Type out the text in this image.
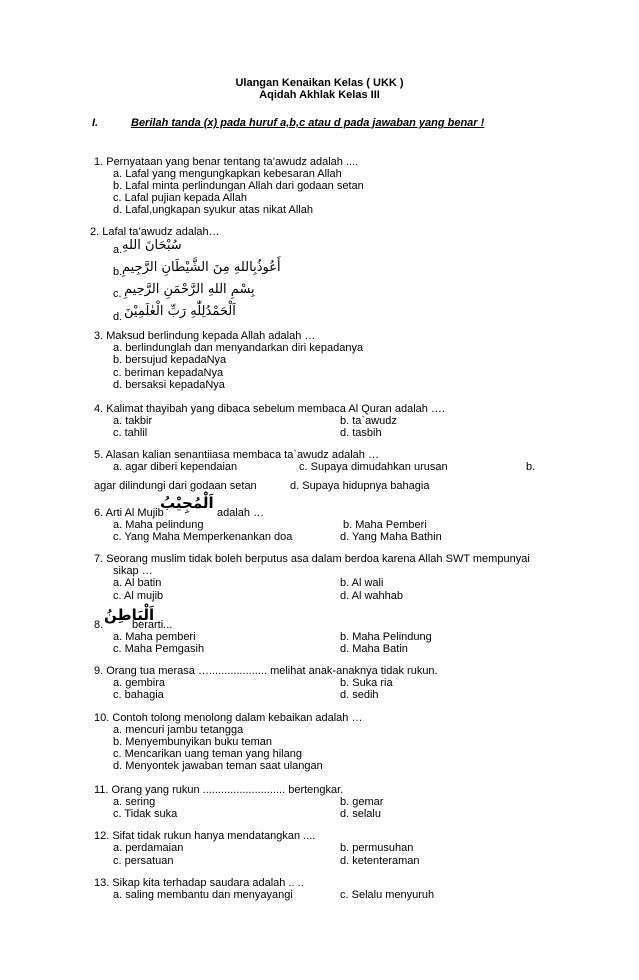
Ulangan Kenaikan Kelas ( UKK )
Aqidah Akhlak Kelas III
I.	Berilah tanda (x) pada huruf a,b,c atau d pada jawaban yang benar !
1. Pernyataan yang benar tentang ta’awudz adalah ....
a. Lafal yang mengungkapkan kebesaran Allah
b. Lafal minta perlindungan Allah dari godaan setan
c. Lafal pujian kepada Allah
d. Lafal,ungkapan syukur atas nikat Allah
2. Lafal ta’awudz adalah…
a. سُبْحَانَ اللهِ
b. أَعُوذُبِاللهِ مِنَ الشَّيْطَانِ الرَّجِيمِ
c. بِسْمِ اللهِ الرَّحْمَنِ الرَّحِيمِ
d. اَلْحَمْدُلِلّٰهِ رَبِّ الْعٰلَمِيْنَ
3. Maksud berlindung kepada Allah adalah …
a. berlindunglah dan menyandarkan diri kepadanya
b. bersujud kepadaNya
c. beriman kepadaNya
d. bersaksi kepadaNya
4. Kalimat thayibah yang dibaca sebelum membaca Al Quran adalah ….
a. takbir	b. ta`awudz
c. tahlil	d. tasbih
5. Alasan kalian senantiiasa membaca ta`awudz adalah …
a. agar diberi kependaian	c. Supaya dimudahkan urusan	b.
agar dilindungi dari godaan setan	d. Supaya hidupnya bahagia
6. Arti Al Mujib
اَلْمُجِيْبُ
adalah …
a. Maha pelindung	b. Maha Pemberi
c. Yang Maha Memperkenankan doa	d. Yang Maha Bathin
7. Seorang muslim tidak boleh berputus asa dalam berdoa karena Allah SWT mempunyai
sikap …
a. Al batin	b. Al wali
c. Al mujib	d. Al wahhab
8.
اَلْبَاطِنُ
berarti...
a. Maha pemberi	b. Maha Pelindung
c. Maha Pemgasih	d. Maha Batin
9. Orang tua merasa …................... melihat anak-anaknya tidak rukun.
a. gembira	b. Suka ria
c. bahagia	d. sedih
10. Contoh tolong menolong dalam kebaikan adalah …
a. mencuri jambu tetangga
b. Menyembunyikan buku teman
c. Mencarikan uang teman yang hilang
d. Menyontek jawaban teman saat ulangan
11. Orang yang rukun ........................... bertengkar.
a. sering	b. gemar
c. Tidak suka	d. selalu
12. Sifat tidak rukun hanya mendatangkan ....
a. perdamaian	b. permusuhan
c. persatuan	d. ketenteraman
13. Sikap kita terhadap saudara adalah .. ..
a. saling membantu dan menyayangi	c. Selalu menyuruh
